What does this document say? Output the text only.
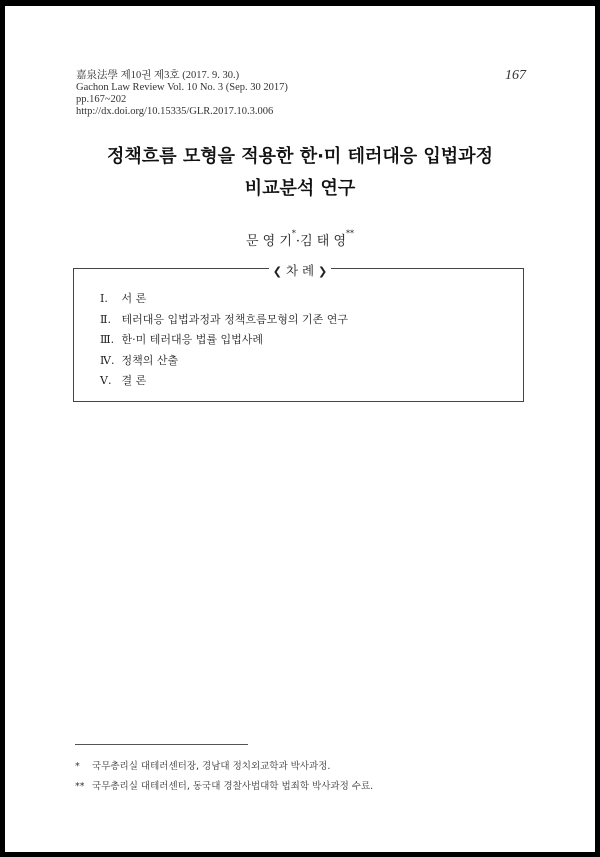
嘉泉法學 제10권 제3호 (2017. 9. 30.)
Gachon Law Review Vol. 10 No. 3 (Sep. 30 2017)
pp.167~202
http://dx.doi.org/10.15335/GLR.2017.10.3.006
167
정책흐름 모형을 적용한 한·미 테러대응 입법과정
비교분석 연구
문 영 기*·김 태 영**
❮ 차 례 ❯
Ⅰ. 서 론
Ⅱ. 테러대응 입법과정과 정책흐름모형의 기존 연구
Ⅲ. 한·미 테러대응 법률 입법사례
Ⅳ. 정책의 산출
Ⅴ. 결 론
* 국무총리실 대테러센터장, 경남대 정치외교학과 박사과정.
** 국무총리실 대테러센터, 동국대 경찰사법대학 법죄학 박사과정 수료.
